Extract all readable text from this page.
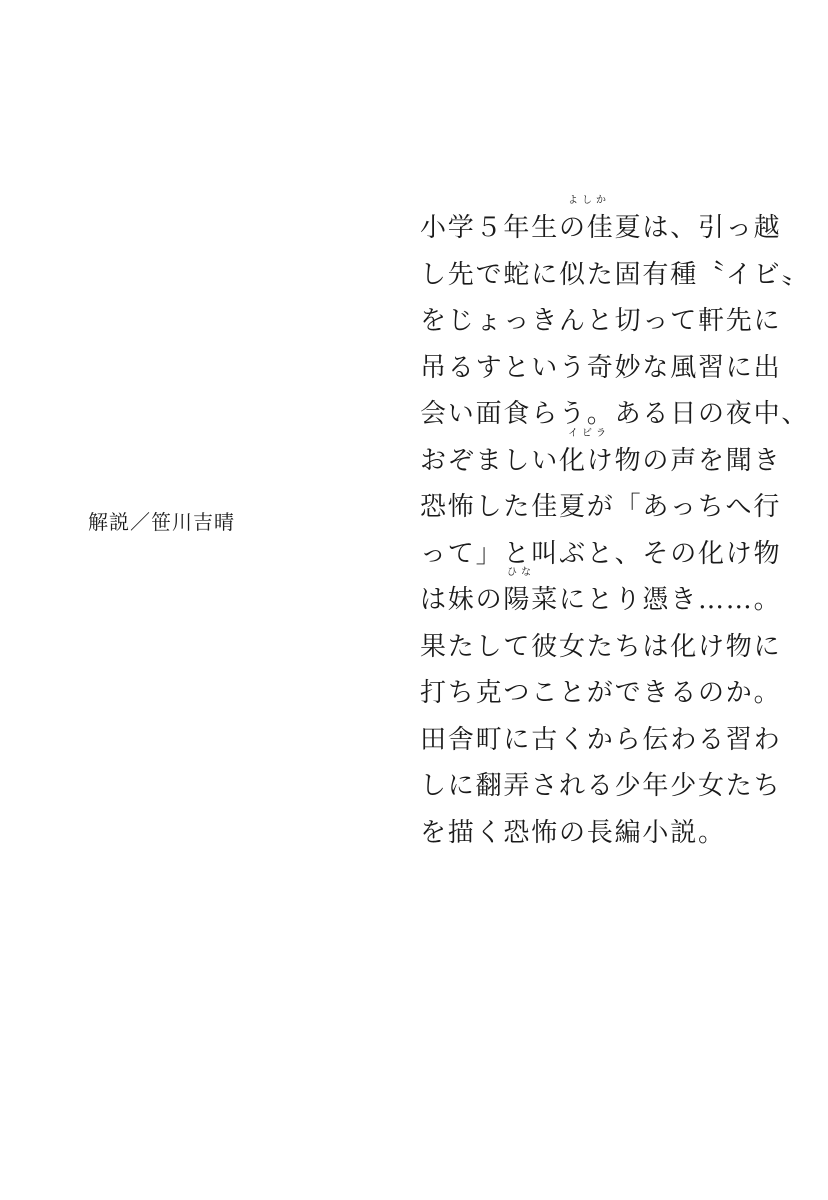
解説／笹川吉晴
よしか
小学５年生の佳夏は、引っ越
し先で蛇に似た固有種〝イビ〟
をじょっきんと切って軒先に
吊るすという奇妙な風習に出
会い面食らう。ある日の夜中、
イビラ
おぞましい化け物の声を聞き
恐怖した佳夏が「あっちへ行
って」と叫ぶと、その化け物
ひな
は妹の陽菜にとり憑き……。
果たして彼女たちは化け物に
打ち克つことができるのか。
田舎町に古くから伝わる習わ
しに翻弄される少年少女たち
を描く恐怖の長編小説。
